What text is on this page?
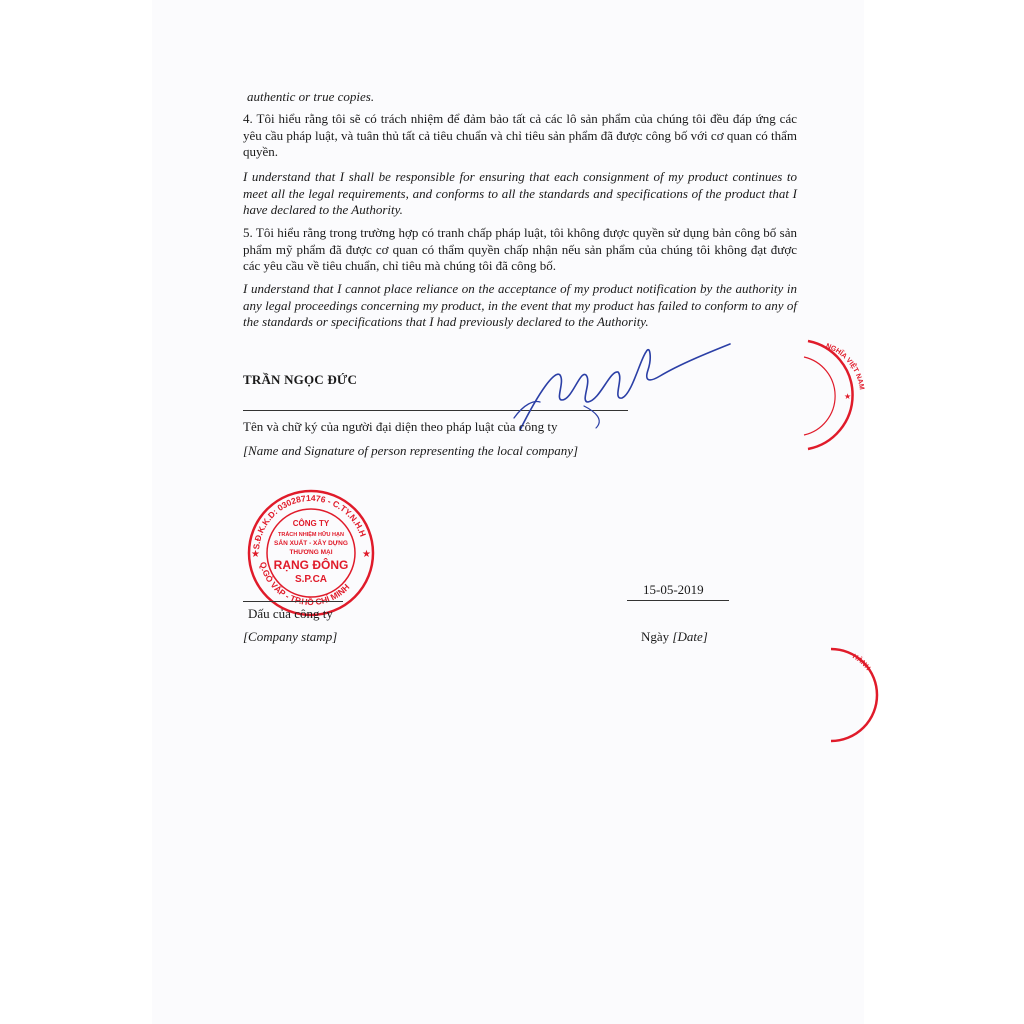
authentic or true copies.

4. Tôi hiểu rằng tôi sẽ có trách nhiệm để đảm bảo tất cả các lô sản phẩm của chúng tôi đều đáp ứng các yêu cầu pháp luật, và tuân thủ tất cả tiêu chuẩn và chỉ tiêu sản phẩm đã được công bố với cơ quan có thẩm quyền.

I understand that I shall be responsible for ensuring that each consignment of my product continues to meet all the legal requirements, and conforms to all the standards and specifications of the product that I have declared to the Authority.

5. Tôi hiểu rằng trong trường hợp có tranh chấp pháp luật, tôi không được quyền sử dụng bản công bố sản phẩm mỹ phẩm đã được cơ quan có thẩm quyền chấp nhận nếu sản phẩm của chúng tôi không đạt được các yêu cầu về tiêu chuẩn, chỉ tiêu mà chúng tôi đã công bố.

I understand that I cannot place reliance on the acceptance of my product notification by the authority in any legal proceedings concerning my product, in the event that my product has failed to conform to any of the standards or specifications that I had previously declared to the Authority.

TRẦN NGỌC ĐỨC

Tên và chữ ký của người đại diện theo pháp luật của công ty

[Name and Signature of person representing the local company]

S.Đ.K.K.D: 0302871476 - C.TY.N.H.H
Q.GÒ VẤP - TP.HỒ CHÍ MINH
★	★
CÔNG TY
TRÁCH NHIỆM HỮU HẠN
SẢN XUẤT - XÂY DỰNG
THƯƠNG MẠI
RẠNG ĐÔNG
S.P.CA

Dấu của công ty

[Company stamp]

15-05-2019

Ngày [Date]

NGHĨA VIỆT NAM
★
HÀNH
